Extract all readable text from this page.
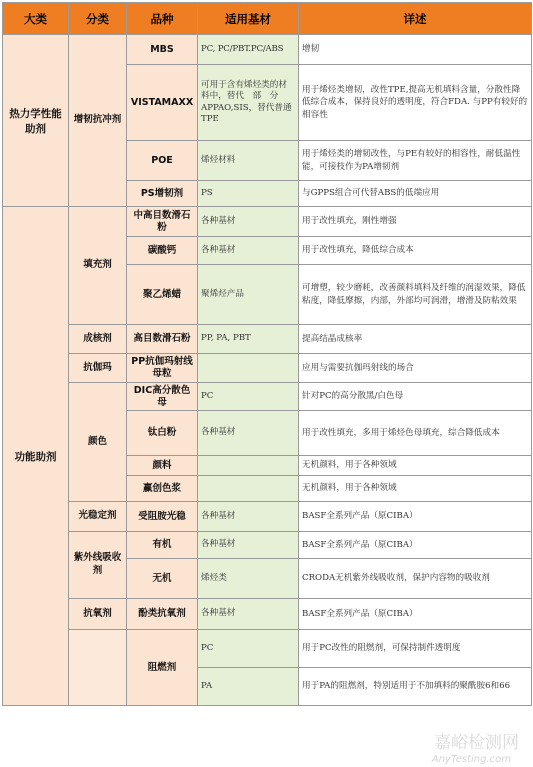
大类	分类	品种	适用基材	详述
热力学性能助剂	增韧抗冲剂	MBS	PC, PC/PBT.PC/ABS	增韧
		VISTAMAXX	可用于含有烯烃类的材料中，替代　部　分APPAO,SIS，替代普通TPE	用于烯烃类增韧，改性TPE,提高无机填料含量，分散性降低综合成本，保持良好的透明度，符合FDA. 与PP有较好的相容性
		POE	烯烃材料	用于烯烃类的增韧改性，与PE有较好的相容性，耐低温性能，可接枝作为PA增韧剂
		PS增韧剂	PS	与GPPS组合可代替ABS的低端应用
功能助剂	填充剂	中高目数滑石粉	各种基材	用于改性填充，刚性增强
		碳酸钙	各种基材	用于改性填充，降低综合成本
		聚乙烯蜡	聚烯烃产品	可增塑，较少磨耗，改善颜料填料及纤维的润湿效果，降低粘度，降低摩擦，内部，外部均可润滑，增滑及防粘效果
	成核剂	高目数滑石粉	PP, PA, PBT	提高结晶成核率
	抗伽玛	PP抗伽玛射线母粒		应用与需要抗伽玛射线的场合
	颜色	DIC高分散色母	PC	针对PC的高分散黑/白色母
		钛白粉	各种基材	用于改性填充，多用于烯烃色母填充，综合降低成本
		颜料		无机颜料，用于各种领域
		赢创色浆		无机颜料，用于各种领域
	光稳定剂	受阻胺光稳	各种基材	BASF全系列产品（原CIBA）
	紫外线吸收剂	有机	各种基材	BASF全系列产品（原CIBA）
		无机	烯烃类	CRODA无机紫外线吸收剂，保护内容物的吸收剂
	抗氧剂	酚类抗氧剂	各种基材	BASF全系列产品（原CIBA）
		阻燃剂	PC	用于PC改性的阻燃剂，可保持制件透明度
			PA	用于PA的阻燃剂，特别适用于不加填料的聚酰胺6和66
嘉峪检测网
AnyTesting.com
